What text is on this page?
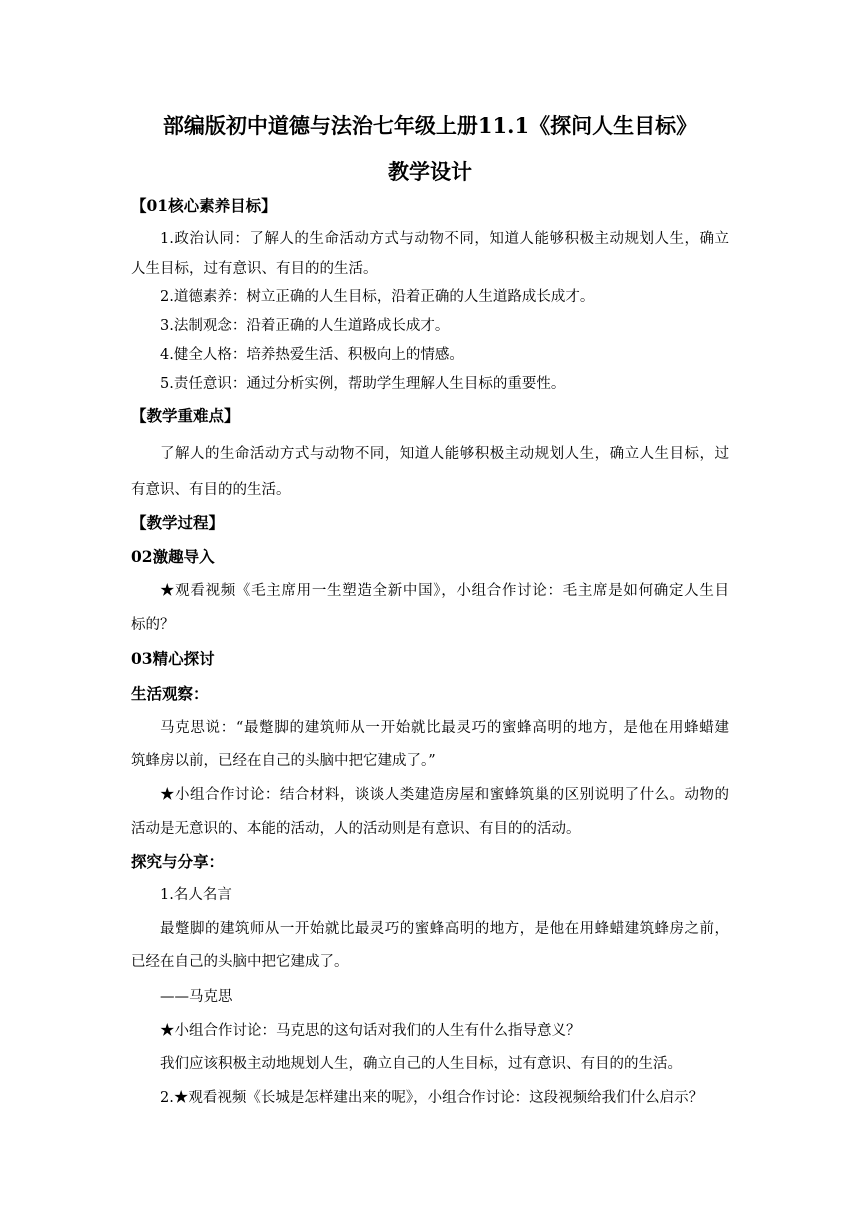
部编版初中道德与法治七年级上册11.1《探问人生目标》
教学设计
【01核心素养目标】
1.政治认同：了解人的生命活动方式与动物不同，知道人能够积极主动规划人生，确立
人生目标，过有意识、有目的的生活。
2.道德素养：树立正确的人生目标，沿着正确的人生道路成长成才。
3.法制观念：沿着正确的人生道路成长成才。
4.健全人格：培养热爱生活、积极向上的情感。
5.责任意识：通过分析实例，帮助学生理解人生目标的重要性。
【教学重难点】
了解人的生命活动方式与动物不同，知道人能够积极主动规划人生，确立人生目标，过
有意识、有目的的生活。
【教学过程】
02激趣导入
★观看视频《毛主席用一生塑造全新中国》，小组合作讨论：毛主席是如何确定人生目
标的？
03精心探讨
生活观察：
马克思说：“最蹩脚的建筑师从一开始就比最灵巧的蜜蜂高明的地方，是他在用蜂蜡建
筑蜂房以前，已经在自己的头脑中把它建成了。”
★小组合作讨论：结合材料，谈谈人类建造房屋和蜜蜂筑巢的区别说明了什么。动物的
活动是无意识的、本能的活动，人的活动则是有意识、有目的的活动。
探究与分享：
1.名人名言
最蹩脚的建筑师从一开始就比最灵巧的蜜蜂高明的地方，是他在用蜂蜡建筑蜂房之前，
已经在自己的头脑中把它建成了。
——马克思
★小组合作讨论：马克思的这句话对我们的人生有什么指导意义？
我们应该积极主动地规划人生，确立自己的人生目标，过有意识、有目的的生活。
2.★观看视频《长城是怎样建出来的呢》，小组合作讨论：这段视频给我们什么启示？
